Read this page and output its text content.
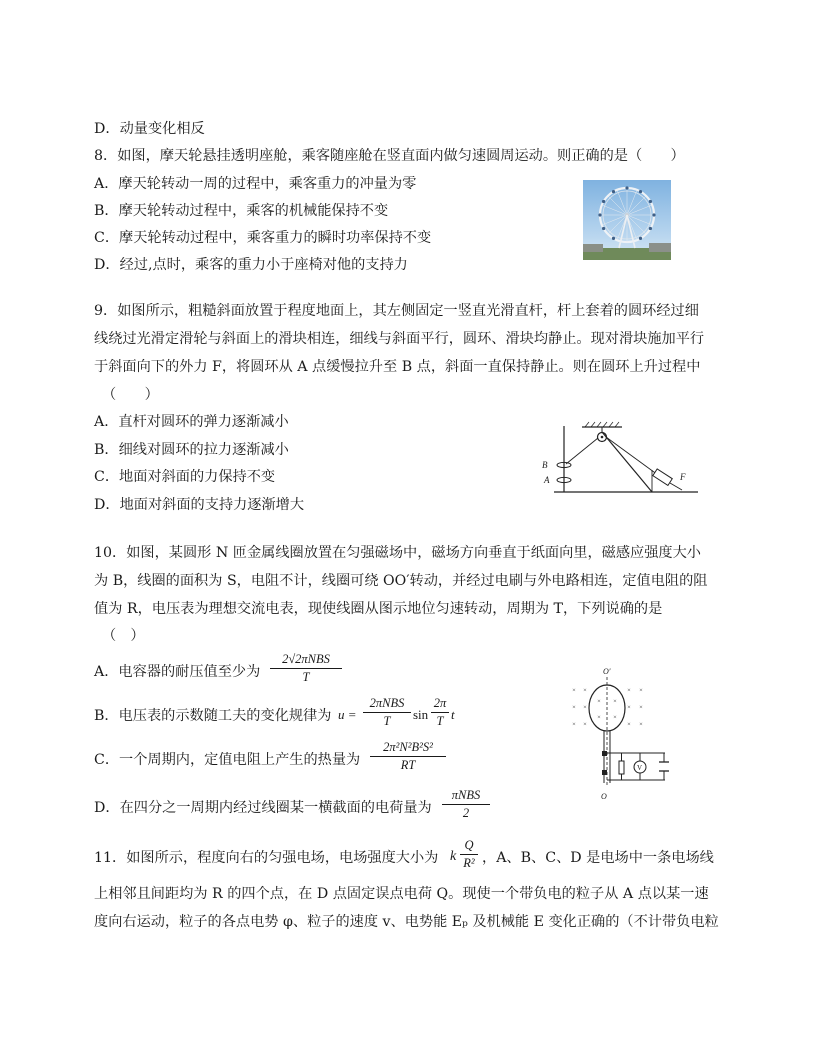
D．动量变化相反
8．如图，摩天轮悬挂透明座舱，乘客随座舱在竖直面内做匀速圆周运动。则正确的是（　　）
A．摩天轮转动一周的过程中，乘客重力的冲量为零
B．摩天轮转动过程中，乘客的机械能保持不变
C．摩天轮转动过程中，乘客重力的瞬时功率保持不变
D．经过,点时，乘客的重力小于座椅对他的支持力
9．如图所示，粗糙斜面放置于程度地面上，其左侧固定一竖直光滑直杆，杆上套着的圆环经过细
线绕过光滑定滑轮与斜面上的滑块相连，细线与斜面平行，圆环、滑块均静止。现对滑块施加平行
于斜面向下的外力 F，将圆环从 A 点缓慢拉升至 B 点，斜面一直保持静止。则在圆环上升过程中
（　　）
A．直杆对圆环的弹力逐渐减小
B．细线对圆环的拉力逐渐减小
C．地面对斜面的力保持不变
D．地面对斜面的支持力逐渐增大
B
A	F
10．如图，某圆形 N 匝金属线圈放置在匀强磁场中，磁场方向垂直于纸面向里，磁感应强度大小
为 B，线圈的面积为 S，电阻不计，线圈可绕 OO′转动，并经过电刷与外电路相连，定值电阻的阻
值为 R，电压表为理想交流电表，现使线圈从图示地位匀速转动，周期为 T，下列说确的是
（　）
A．电容器的耐压值至少为
2√2πNBS
T
B．电压表的示数随工夫的变化规律为 u =
2πNBS
T	sin
2π
T t
C．一个周期内，定值电阻上产生的热量为
2π²N²B²S²
RT
D．在四分之一周期内经过线圈某一横截面的电荷量为
πNBS
2
O′
× ×	× ×
× ×
× ×
× ×
× ×	× ×
× ×
V
O
11．如图所示，程度向右的匀强电场，电场强度大小为 k
Q
R² ，A、B、C、D 是电场中一条电场线
上相邻且间距均为 R 的四个点，在 D 点固定误点电荷 Q。现使一个带负电的粒子从 A 点以某一速
度向右运动，粒子的各点电势 φ、粒子的速度 v、电势能 Eₚ 及机械能 E 变化正确的（不计带负电粒
